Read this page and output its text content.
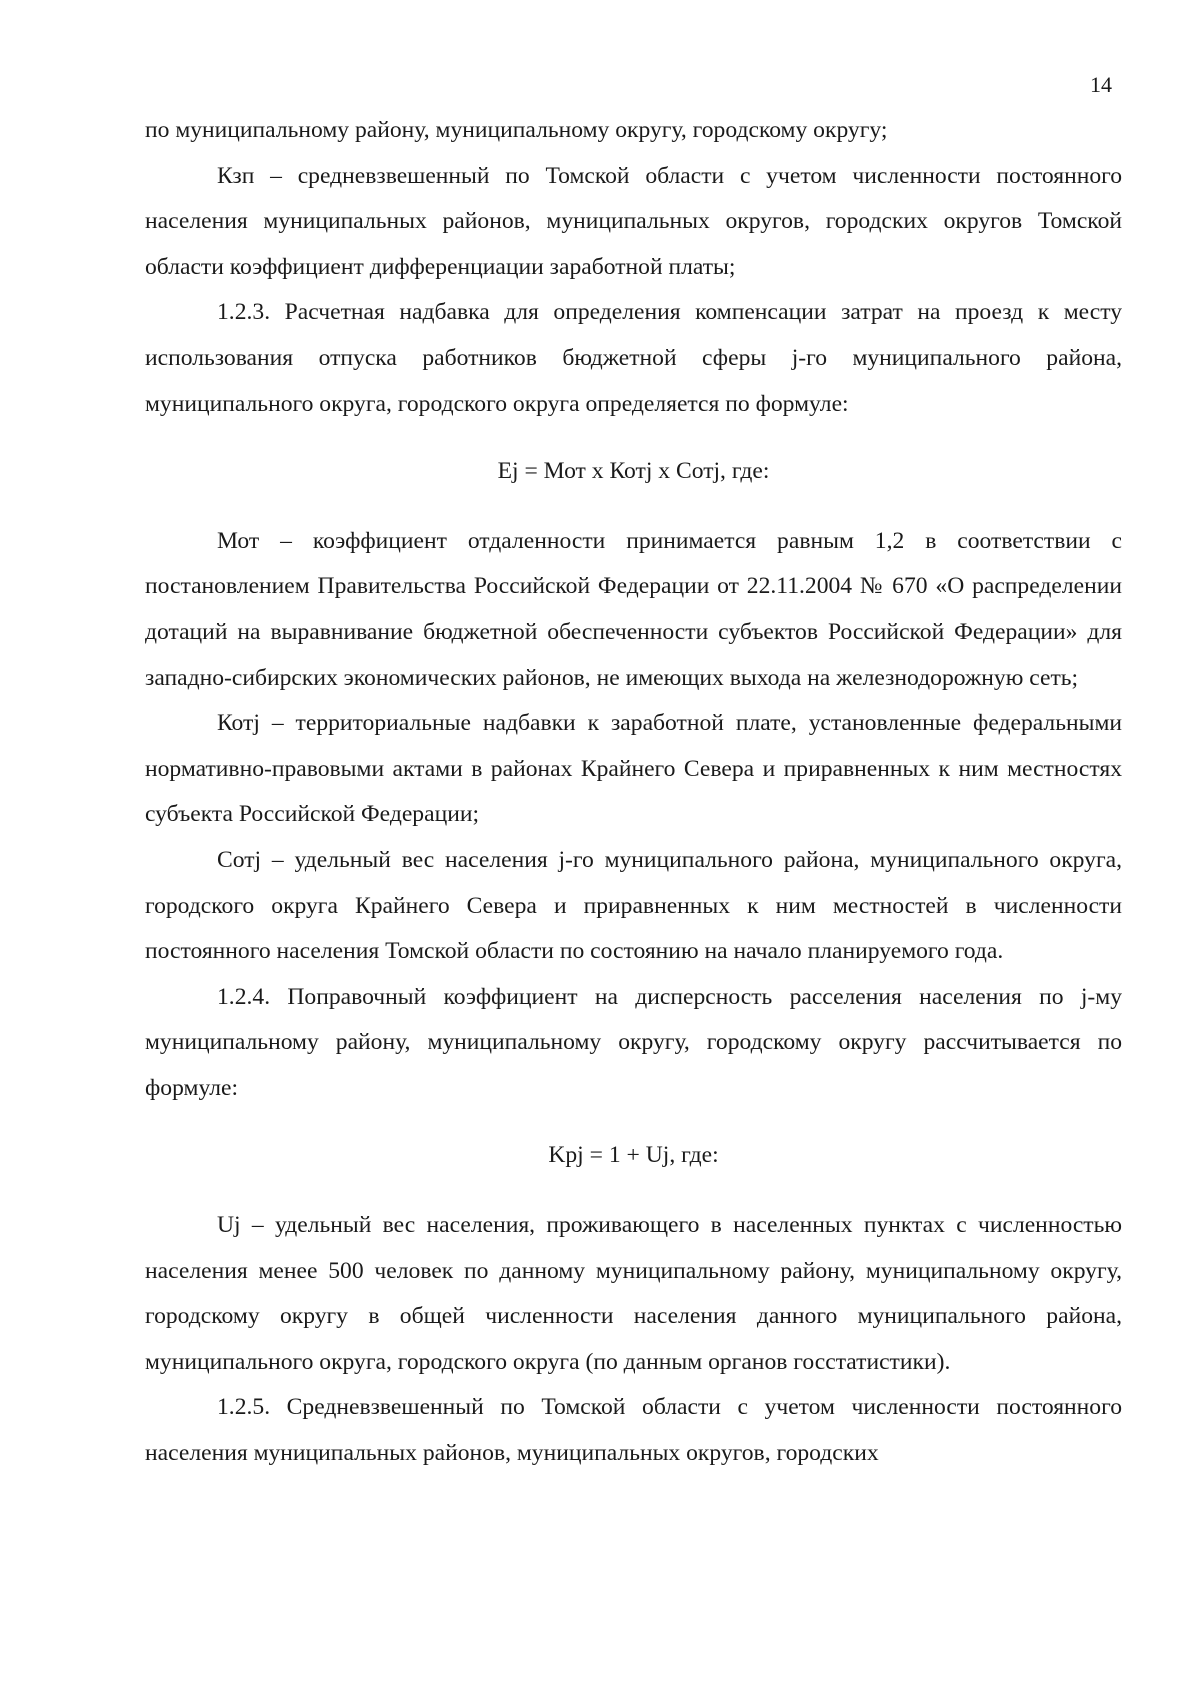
14

по муниципальному району, муниципальному округу, городскому округу;

Кзп – средневзвешенный по Томской области с учетом численности постоянного населения муниципальных районов, муниципальных округов, городских округов Томской области коэффициент дифференциации заработной платы;

1.2.3. Расчетная надбавка для определения компенсации затрат на проезд к месту использования отпуска работников бюджетной сферы j-го муниципального района, муниципального округа, городского округа определяется по формуле:

Ej = Мот x Котj x Сотj, где:

Мот – коэффициент отдаленности принимается равным 1,2 в соответствии с постановлением Правительства Российской Федерации от 22.11.2004 № 670 «О распределении дотаций на выравнивание бюджетной обеспеченности субъектов Российской Федерации» для западно-сибирских экономических районов, не имеющих выхода на железнодорожную сеть;

Котj – территориальные надбавки к заработной плате, установленные федеральными нормативно-правовыми актами в районах Крайнего Севера и приравненных к ним местностях субъекта Российской Федерации;

Сотj – удельный вес населения j-го муниципального района, муниципального округа, городского округа Крайнего Севера и приравненных к ним местностей в численности постоянного населения Томской области по состоянию на начало планируемого года.

1.2.4. Поправочный коэффициент на дисперсность расселения населения по j-му муниципальному району, муниципальному округу, городскому округу рассчитывается по формуле:

Kpj = 1 + Uj, где:

Uj – удельный вес населения, проживающего в населенных пунктах с численностью населения менее 500 человек по данному муниципальному району, муниципальному округу, городскому округу в общей численности населения данного муниципального района, муниципального округа, городского округа (по данным органов госстатистики).

1.2.5. Средневзвешенный по Томской области с учетом численности постоянного населения муниципальных районов, муниципальных округов, городских
